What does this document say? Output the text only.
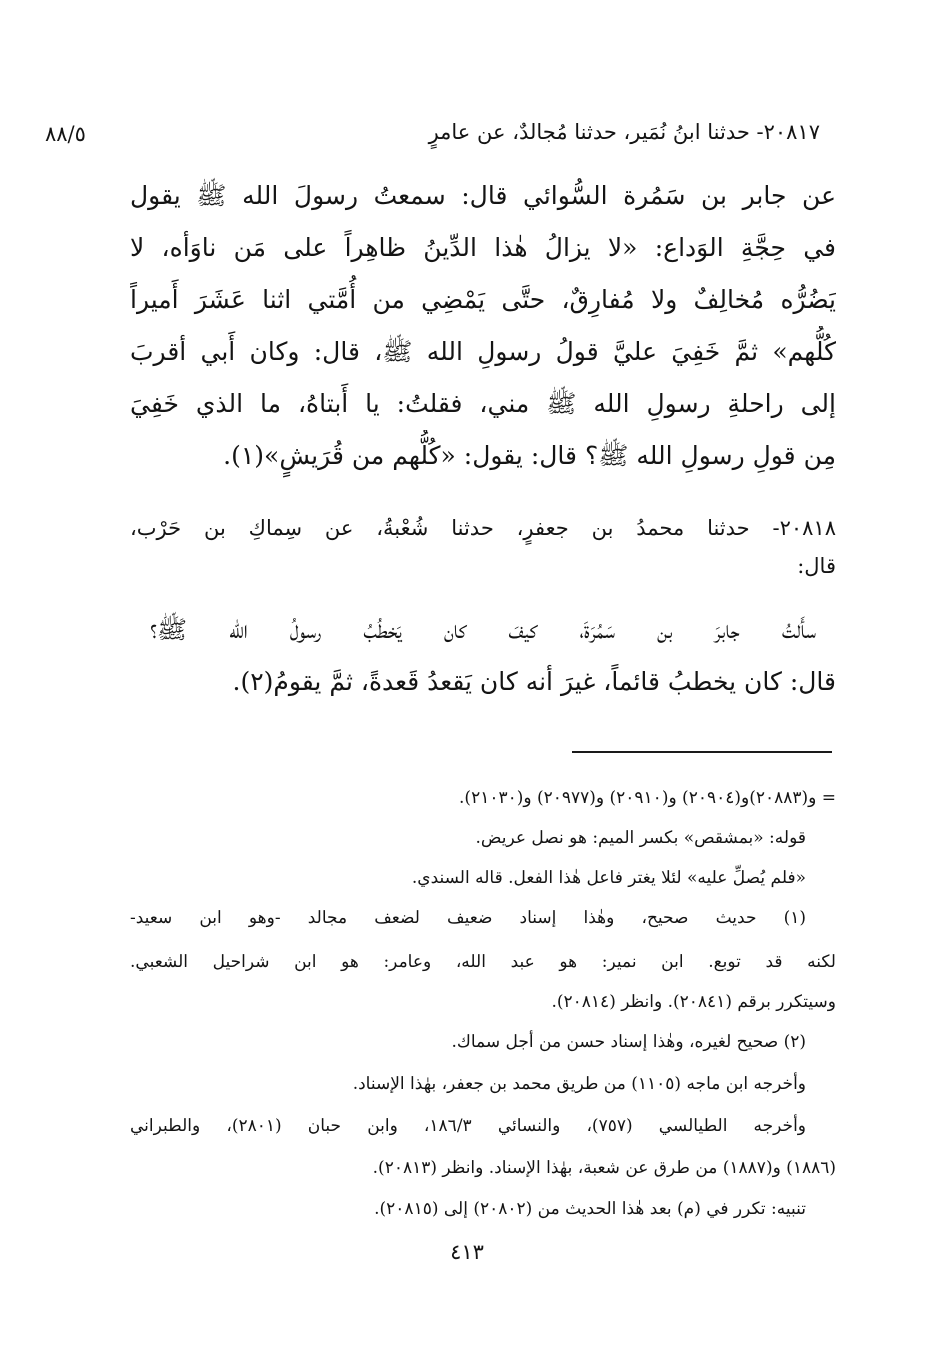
٢٠٨١٧- حدثنا ابنُ نُمَير، حدثنا مُجالدٌ، عن عامرٍ
٨٨/٥
عن جابر بن سَمُرة السُّوائي قال: سمعتُ رسولَ الله ﷺ يقول
في حِجَّةِ الوَداع: «لا يزالُ هٰذا الدِّينُ ظاهِراً على مَن ناوَأه، لا
يَضُرُّه مُخالِفٌ ولا مُفارِقٌ، حتَّى يَمْضِي من أُمَّتي اثنا عَشَرَ أَميراً
كُلُّهم» ثمَّ خَفِيَ عليَّ قولُ رسولِ الله ﷺ، قال: وكان أَبي أقربَ
إلى راحلةِ رسولِ الله ﷺ مني، فقلتُ: يا أَبتاهُ، ما الذي خَفِيَ
مِن قولِ رسولِ الله ﷺ؟ قال: يقول: «كُلُّهم من قُرَيشٍ»(١).
٢٠٨١٨- حدثنا محمدُ بن جعفرٍ، حدثنا شُعْبةُ، عن سِماكِ بن حَرْب،
قال:
سأَلتُ جابرَ بن سَمُرَةَ، كيفَ كان يَخطُبُ رسولُ الله ﷺ؟
قال: كان يخطبُ قائماً، غيرَ أنه كان يَقعدُ قَعدةً، ثمَّ يقومُ(٢).
= و(٢٠٨٨٣)و(٢٠٩٠٤) و(٢٠٩١٠) و(٢٠٩٧٧) و(٢١٠٣٠).
قوله: «بمشقص» بكسر الميم: هو نصل عريض.
«فلم يُصلِّ عليه» لئلا يغتر فاعل هٰذا الفعل. قاله السندي.
(١) حديث صحيح، وهٰذا إسناد ضعيف لضعف مجالد -وهو ابن سعيد-
لكنه قد توبع. ابن نمير: هو عبد الله، وعامر: هو ابن شراحيل الشعبي.
وسيتكرر برقم (٢٠٨٤١). وانظر (٢٠٨١٤).
(٢) صحيح لغيره، وهٰذا إسناد حسن من أجل سماك.
وأخرجه ابن ماجه (١١٠٥) من طريق محمد بن جعفر، بهٰذا الإسناد.
وأخرجه الطيالسي (٧٥٧)، والنسائي ١٨٦/٣، وابن حبان (٢٨٠١)، والطبراني
(١٨٨٦) و(١٨٨٧) من طرق عن شعبة، بهٰذا الإسناد. وانظر (٢٠٨١٣).
تنبيه: تكرر في (م) بعد هٰذا الحديث من (٢٠٨٠٢) إلى (٢٠٨١٥).
٤١٣
